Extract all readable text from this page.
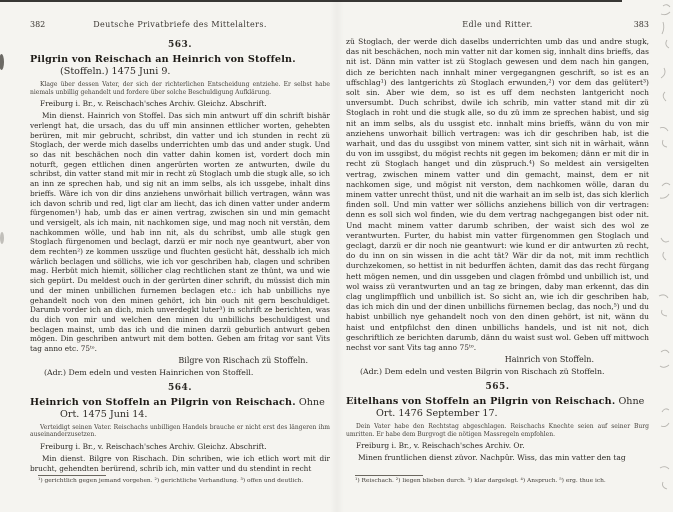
382	Deutsche Privatbriefe des Mittelalters.
563.
Pilgrin von Reischach an Heinrich von Stoffeln. (Stoffeln.) 1475 Juni 9.
Klage über dessen Vater, der sich der richterlichen Entscheidung entziehe. Er selbst habe niemals unbillig gehandelt und fordere über solche Beschuldigung Aufklärung.
Freiburg i. Br., v. Reischach'sches Archiv. Gleichz. Abschrift.
Min dienst. Hainrich von Stoffel. Das sich min antwurt uff din schrift bishär verlengt hat, die ursach, das du uff min ansinnen ettlicher worten, gehebten berüren, mit mir gebrucht, schribst, din vatter und ich stunden in recht zü Stoglach, der werde mich daselbs underrichten umb das und ander stugk. Und so das nit beschächen noch din vatter dahin komen ist, vordert doch min noturft, gegen ettlichen dinen angerürten worten ze antwurten, dwile du schribst, din vatter stand mit mir in recht zü Stoglach umb die stugk alle, so ich an inn ze sprechen hab, und sig nit an imm selbs, als ich ussgebe, inhalt dins brieffs. Wäre ich von dir dins anziehens unwörhait billich vertragen, wänn was ich davon schrib und red, ligt clar am liecht, das ich dinen vatter under anderm fürgenomen¹) hab, umb das er ainen vertrag, zwischen sin und min gemacht und versigelt, als ich main, nit nachkomen sige, und mag noch nit verstân, dem nachkommen wölle, und hab inn nit, als du schribst, umb alle stugk gen Stoglach fürgenomen und beclagt, darzü er mir noch nye geantwurt, aber von dem rechten²) ze kommen usszüge und fluchten gesücht hât, desshalb ich mich wârlich beclagen und söllichs, wie ich vor geschriben hab, clagen und schriben mag. Herbüt mich hiemit, söllicher clag rechtlichen stant ze thünt, wa und wie sich gepürt. Du meldest ouch in der gerürten diner schrift, du müssist dich min und der minen unbillichen furnemen beclagen etc.: ich hab unbillichs nye gehandelt noch von den minen gehört, ich bin ouch nit gern beschuldiget. Darumb vorder ich an dich, mich unverdegkt luter³) in schrift ze berichten, was du dich von mir und welchen den minen du unbillichs beschuldigest und beclagen mainst, umb das ich und die minen darzü geburlich antwurt geben mögen. Din geschriben antwurt mit dem botten. Geben am fritag vor sant Vits tag anno etc. 75ᵗᵒ.
Bilgre von Rischach zü Stoffeln.
(Adr.) Dem edeln und vesten Hainrichen von Stoffell.
564.
Heinrich von Stoffeln an Pilgrin von Reischach. Ohne Ort. 1475 Juni 14.
Verteidigt seinen Vater. Reischachs unbilligen Handels brauche er nicht erst des längeren ihm auseinanderzusetzen.
Freiburg i. Br., v. Reischach'sches Archiv. Gleichz. Abschrift.
Min dienst. Bilgre von Rischach. Din schriben, wie ich etlich wort mit dir brucht, gehendten berürend, schrib ich, min vatter und du stendint in recht
¹) gerichtlich gegen jemand vorgehen. ²) gerichtliche Verhandlung. ³) offen und deutlich.
383
Edle und Ritter.
zü Stoglach, der werde dich daselbs underrichten umb das und andre stugk, das nit beschächen, noch min vatter nit dar komen sig, innhalt dins brieffs, das nit ist. Dänn min vatter ist zü Stoglach gewesen und dem nach hin gangen, dich ze berichten nach innhalt miner vergegangnen geschrift, so ist es an uffschlag¹) des lantgerichts zü Stoglach erwunden,²) vor dem das gelütert³) solt sin. Aber wie dem, so ist es uff dem nechsten lantgericht noch unversumbt. Duch schribst, dwile ich schrib, min vatter stand mit dir zü Stoglach in roht und die stugk alle, so du zü imm ze sprechen habist, und sig nit an imm selbs, als du ussgist etc. innhalt mins brieffs, wänn du von mir anziehens unworhait billich vertragen: was ich dir geschriben hab, ist die warhait, und das du ussgibst von minem vatter, sint sich nit in wârhait, wänn du von im ussgibst, du mögist rechts nit gegen im bekomen; dänn er mit dir in recht zü Stoglach hanget und din züspruch.⁴) So meldest ain versigelten vertrag, zwischen minem vatter und din gemacht, mainst, dem er nit nachkomen sige, und mögist nit verston, dem nachkomen wölle, daran du minem vatter unrecht thüst, und nit die warhait an im selb ist, das sich klerlich finden soll. Und min vatter wer söllichs anziehens billich von dir vertragen: denn es soll sich wol finden, wie du dem vertrag nachgegangen bist oder nit. Und macht minem vatter darumb schriben, der waist sich des wol ze verantwurten. Furter, du habist min vatter fürgenommen gen Stoglach und geclagt, darzü er dir noch nie geantwurt: wie kund er dir antwurten zü recht, do du inn on sin wissen in die acht tät? Wär dir da not, mit imm rechtlich durchzekomen, so hettist in nit bedurffen ächten, damit das das recht fürgang hett mögen nemen, und din ussgeben und clagen frömbd und unbillich ist, und wol waiss zü verantwurten und an tag ze bringen, daby man erkennt, das din clag unglimpfflich und unbillich ist. So sicht an, wie ich dir geschriben hab, das ich mich din und der dinen unbillichs fürnemen beclag, das noch,⁵) und du habist unbillich nye gehandelt noch von den dinen gehört, ist nit, wänn du haist und entpfilchst den dinen unbillichs handels, und ist nit not, dich geschriftlich ze berichten darumb, dänn du waist sust wol. Geben uff mittwoch nechst vor sant Vits tag anno 75ᵗᵒ.
Hainrich von Stoffeln.
(Adr.) Dem edeln und vesten Bilgrin von Rischach zü Stoffeln.
565.
Eitelhans von Stoffeln an Pilgrin von Reischach. Ohne Ort. 1476 September 17.
Dein Vater habe den Rechtstag abgeschlagen. Reischachs Knechte seien auf seiner Burg umritten. Er habe dem Burgvogt die nötigen Massregeln empfohlen.
Freiburg i. Br., v. Reischach'sches Archiv. Or.
Minen fruntlichen dienst züvor. Nachpûr. Wiss, das min vatter den tag
¹) Reischach. ²) liegen blieben durch. ³) klar dargelegt. ⁴) Anspruch. ⁵) erg. thue ich.
